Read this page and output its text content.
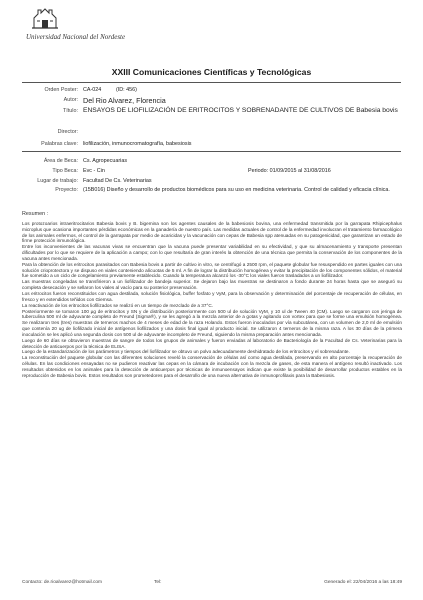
Universidad Nacional del Nordeste
XXIII Comunicaciones Científicas y Tecnológicas
Orden Poster: CA-024	(ID: 456)
Autor: Del Rio Alvarez, Florencia
Título: ENSAYOS DE LIOFILIZACIÓN DE ERITROCITOS Y SOBRENADANTE DE CULTIVOS DE Babesia bovis
Director:
Palabras clave: liofilización, inmunocromatografía, babesiosis
Área de Beca: Cs. Agropecuarias
Tipo Beca: Evc - Cin	Periodo: 01/09/2015 al 31/08/2016
Lugar de trabajo: Facultad De Cs. Veterinarias
Proyecto: (15B016) Diseño y desarrollo de productos biomédicos para su uso en medicina veterinaria. Control de calidad y eficacia clínica.
Resumen :

Los protozoarios intraeritrocitarios Babesia bovis y B. bigemina son los agentes causales de la babesiosis bovina, una enfermedad transmitida por la garrapata Rhipicephalus microplus que ocasiona importantes pérdidas económicas en la ganadería de nuestro país. Las medidas actuales de control de la enfermedad involucran el tratamiento farmacológico de los animales enfermos, el control de la garrapata por medio de acaricidas y la vacunación con cepas de Babesia spp atenuadas en su patogenicidad, que garantizan un estado de firme protección inmunológica.

Entre los inconvenientes de las vacunas vivas se encuentran que la vacuna puede presentar variabilidad en su efectividad, y que su almacenamiento y transporte presentan dificultades por lo que se requiere de la aplicación a campo; con lo que resultaría de gran interés la obtención de una técnica que permita la conservación de los componentes de la vacuna antes mencionada.

Para la obtención de los eritrocitos parasitados con Babesia bovis a partir de cultivo in vitro, se centrifugó a 2500 rpm, el paquete globular fue resuspendido en partes iguales con una solución crioprotectora y se dispuso en viales conteniendo alícuotas de 5 ml. A fin de lograr la distribución homogénea y evitar la precipitación de los componentes sólidos, el material fue sometido a un ciclo de congelamiento previamente establecido. Cuando la temperatura alcanzó los -30°C los viales fueron trasladados a un liofilizador.

Las muestras congeladas se transfirieron a un liofilizador de bandeja superior. Se dejaron bajo las muestras se destinaron a fondo durante 24 horas hasta que se aseguró su completa desecación y se sellaron los viales al vacío para su posterior preservación.

Los eritrocitos fueron reconstituidos con agua destilada, solución fisiológica, buffer fosfato y VyM, para la observación y determinación del porcentaje de recuperación de células, en fresco y en extendidos teñidos con Giemsa.

La reactivación de los eritrocitos liofilizados se realizó en un tiempo de mezclado de a 37°C.

Posteriormente se tomaron 100 µg de eritrocitos y SN y de distribución posteriormente con 500 ul de solución VyM, y 10 ul de Tween 40 (CM). Luego se cargaron con jeringa de tuberculina 500 ml de adyuvante completo de Freund (Sigma®), y se les agregó a la mezcla anterior de a gotas y agitando con vortex para que se forme una emulsión homogénea. Se realizaron tres (tres) muestras de terneros machos de 4 meses de edad de la raza Holando. Estos fueron inoculados por vía subcutánea, con un volumen de 2,0 ml de emulsión que contenía 20 ug de liofilizado inicial de antígenos liofilizados y una dosis final igual al producto inicial. Se utilizaron 4 terneros de la misma raza. A los 30 días de la primera inoculación se les aplicó una segunda dosis con 500 ul de adyuvante incompleto de Freund, siguiendo la misma preparación antes mencionada.

Luego de 60 días se obtuvieron muestras de sangre de todos los grupos de animales y fueron enviadas al laboratorio de Bacteriología de la Facultad de Cs. Veterinarias para la detección de anticuerpos por la técnica de ELISA.

Luego de la estandarización de los parámetros y tiempos del liofilizador se obtuvo un polvo adecuadamente deshidratado de los eritrocitos y el sobrenadante.

La reconstitución del paquete globular con las diferentes soluciones reveló la conservación de células así como agua destilada, preservando en alto porcentaje la recuperación de células. En las condiciones ensayadas no se pudieron reactivar las cepas en la cámara de incubación con la mezcla de gases, de esta manera el antígeno resultó inactivado. Los resultados obtenidos en los animales para la detección de anticuerpos por técnicas de inmunoensayos indican que existe la posibilidad de desarrollar productos estables en la reproducción de Babesia bovis. Estos resultados son prometedores para el desarrollo de una nueva alternativa de inmunoprofilaxis para la Babesiosis.

Contacto: de.rioalvarez@hotmail.com	Tel:	Generado el: 22/04/2016 a las 18:49
